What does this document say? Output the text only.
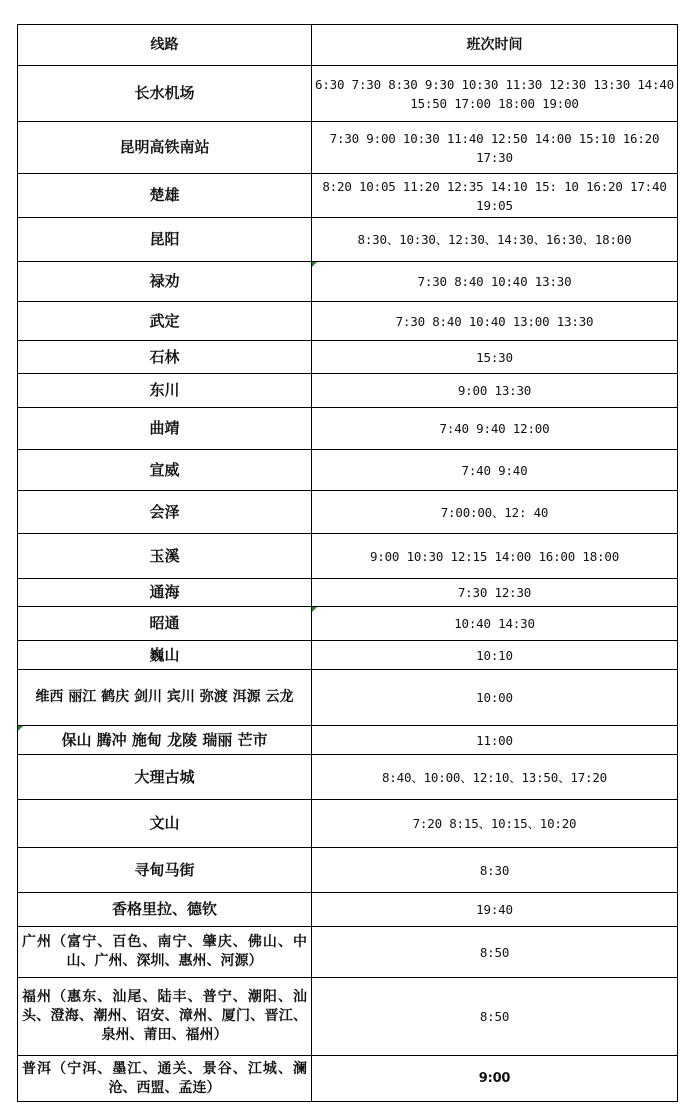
线路	班次时间
长水机场	6:30 7:30 8:30 9:30 10:30 11:30 12:30 13:30 14:40 15:50 17:00 18:00 19:00
昆明高铁南站	7:30 9:00 10:30 11:40 12:50 14:00 15:10 16:20 17:30
楚雄	8:20 10:05 11:20 12:35 14:10 15: 10 16:20 17:40 19:05
昆阳	8:30、10:30、12:30、14:30、16:30、18:00
禄劝	7:30 8:40 10:40 13:30
武定	7:30 8:40 10:40 13:00 13:30
石林	15:30
东川	9:00 13:30
曲靖	7:40 9:40 12:00
宣威	7:40 9:40
会泽	7:00:00、12: 40
玉溪	9:00 10:30 12:15 14:00 16:00 18:00
通海	7:30 12:30
昭通	10:40 14:30
巍山	10:10
维西 丽江 鹤庆 剑川 宾川 弥渡 洱源 云龙	10:00
保山 腾冲 施甸 龙陵 瑞丽 芒市	11:00
大理古城	8:40、10:00、12:10、13:50、17:20
文山	7:20 8:15、10:15、10:20
寻甸马街	8:30
香格里拉、德钦	19:40
广州（富宁、百色、南宁、肇庆、佛山、中山、广州、深圳、惠州、河源）	8:50
福州（惠东、汕尾、陆丰、普宁、潮阳、汕头、澄海、潮州、诏安、漳州、厦门、晋江、泉州、莆田、福州）	8:50
普洱（宁洱、墨江、通关、景谷、江城、澜沧、西盟、孟连）	9:00
